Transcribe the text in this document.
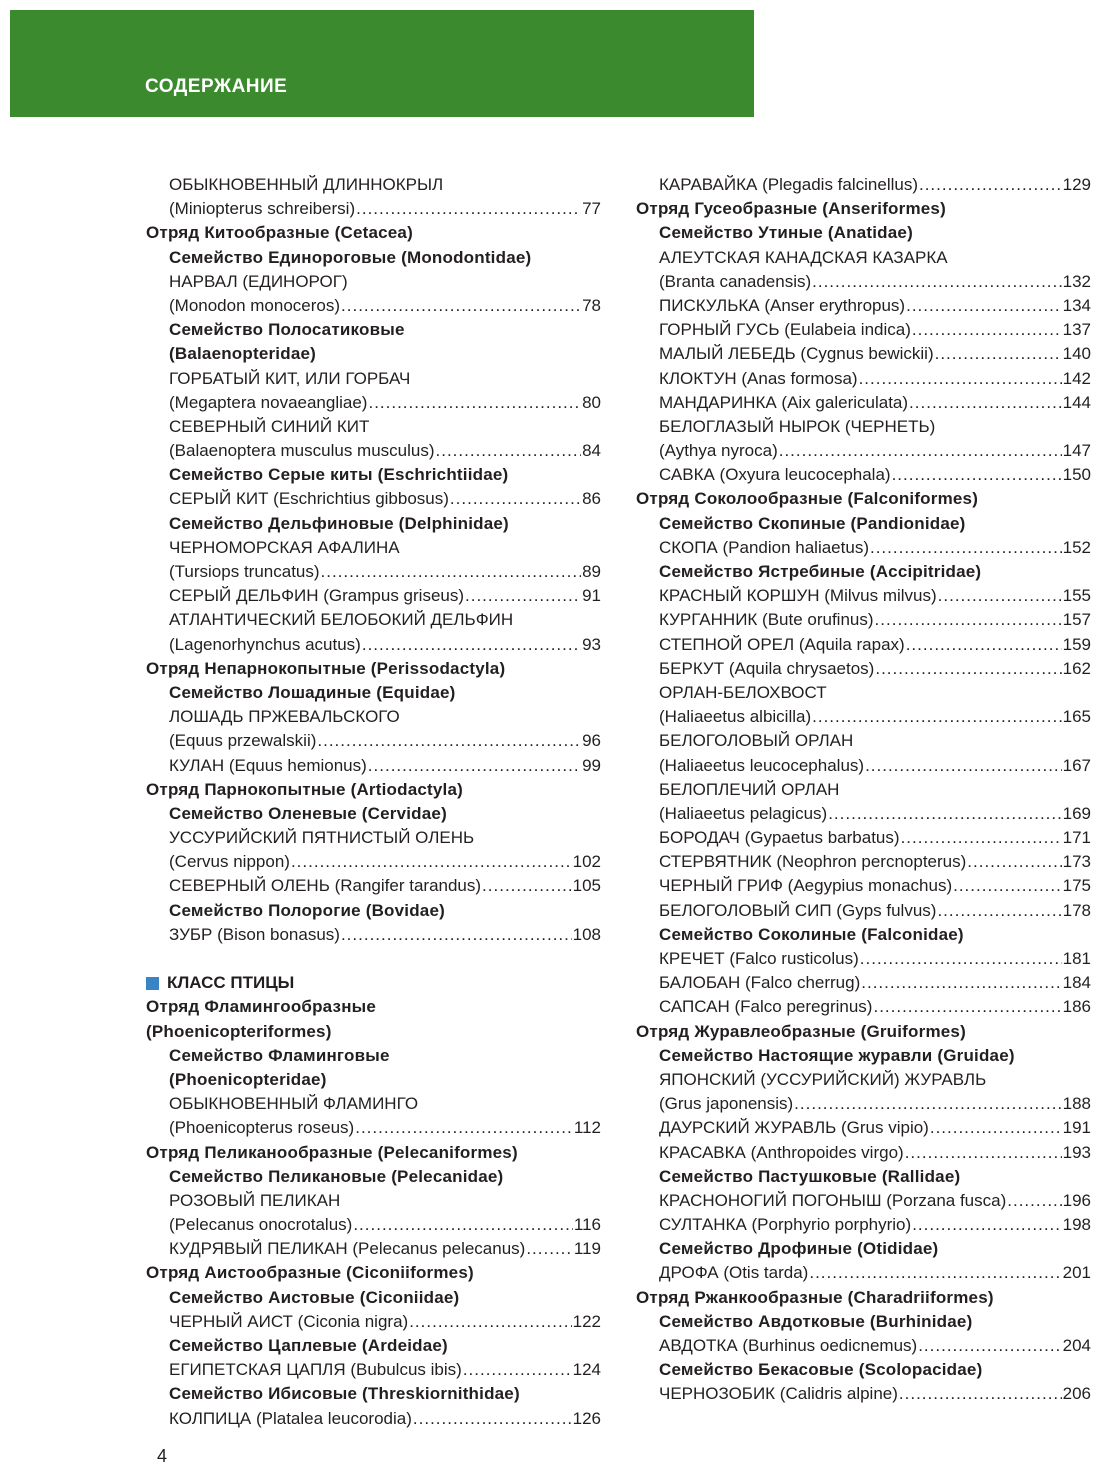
СОДЕРЖАНИЕ
ОБЫКНОВЕННЫЙ ДЛИННОКРЫЛ
(Miniopterus schreibersi) .....	77
Отряд Китообразные (Cetacea)
Семейство Единороговые (Monodontidae)
НАРВАЛ (ЕДИНОРОГ)
(Monodon monoceros) .....	78
Семейство Полосатиковые
(Balaenopteridae)
ГОРБАТЫЙ КИТ, ИЛИ ГОРБАЧ
(Megaptera novaeangliae) .....	80
СЕВЕРНЫЙ СИНИЙ КИТ
(Balaenoptera musculus musculus) .....	84
Семейство Серые киты (Eschrichtiidae)
СЕРЫЙ КИТ (Eschrichtius gibbosus) .....	86
Семейство Дельфиновые (Delphinidae)
ЧЕРНОМОРСКАЯ АФАЛИНА
(Tursiops truncatus) .....	89
СЕРЫЙ ДЕЛЬФИН (Grampus griseus) .....	91
АТЛАНТИЧЕСКИЙ БЕЛОБОКИЙ ДЕЛЬФИН
(Lagenorhynchus acutus) .....	93
Отряд Непарнокопытные (Perissodactyla)
Семейство Лошадиные (Equidae)
ЛОШАДЬ ПРЖЕВАЛЬСКОГО
(Equus przewalskii) .....	96
КУЛАН (Equus hemionus) .....	99
Отряд Парнокопытные (Artiodactyla)
Семейство Оленевые (Cervidae)
УССУРИЙСКИЙ ПЯТНИСТЫЙ ОЛЕНЬ
(Cervus nippon) .....	102
СЕВЕРНЫЙ ОЛЕНЬ (Rangifer tarandus) .....	105
Семейство Полорогие (Bovidae)
ЗУБР (Bison bonasus) .....	108
КЛАСС ПТИЦЫ
Отряд Фламингообразные
(Phoenicopteriformes)
Семейство Фламинговые
(Phoenicopteridae)
ОБЫКНОВЕННЫЙ ФЛАМИНГО
(Phoenicopterus roseus) .....	112
Отряд Пеликанообразные (Pelecaniformes)
Семейство Пеликановые (Pelecanidae)
РОЗОВЫЙ ПЕЛИКАН
(Pelecanus onocrotalus) .....	116
КУДРЯВЫЙ ПЕЛИКАН (Pelecanus pelecanus) .....	119
Отряд Аистообразные (Ciconiiformes)
Семейство Аистовые (Ciconiidae)
ЧЕРНЫЙ АИСТ (Ciconia nigra) .....	122
Семейство Цаплевые (Ardeidae)
ЕГИПЕТСКАЯ ЦАПЛЯ (Bubulcus ibis) .....	124
Семейство Ибисовые (Threskiornithidae)
КОЛПИЦА (Platalea leucorodia) .....	126
КАРАВАЙКА (Plegadis falcinellus) .....	129
Отряд Гусеобразные (Anseriformes)
Семейство Утиные (Anatidae)
АЛЕУТСКАЯ КАНАДСКАЯ КАЗАРКА
(Branta canadensis) .....	132
ПИСКУЛЬКА (Anser erythropus) .....	134
ГОРНЫЙ ГУСЬ (Eulabeia indica) .....	137
МАЛЫЙ ЛЕБЕДЬ (Cygnus bewickii) .....	140
КЛОКТУН (Anas formosa) .....	142
МАНДАРИНКА (Aix galericulata) .....	144
БЕЛОГЛАЗЫЙ НЫРОК (ЧЕРНЕТЬ)
(Aythya nyroca) .....	147
САВКА (Oxyura leucocephala) .....	150
Отряд Соколообразные (Falconiformes)
Семейство Скопиные (Pandionidae)
СКОПА (Pandion haliaetus) .....	152
Семейство Ястребиные (Accipitridae)
КРАСНЫЙ КОРШУН (Milvus milvus) .....	155
КУРГАННИК (Bute orufinus) .....	157
СТЕПНОЙ ОРЕЛ (Aquila rapax) .....	159
БЕРКУТ (Aquila chrysaetos) .....	162
ОРЛАН-БЕЛОХВОСТ
(Haliaeetus albicilla) .....	165
БЕЛОГОЛОВЫЙ ОРЛАН
(Haliaeetus leucocephalus) .....	167
БЕЛОПЛЕЧИЙ ОРЛАН
(Haliaeetus pelagicus) .....	169
БОРОДАЧ (Gypaetus barbatus) .....	171
СТЕРВЯТНИК (Neophron percnopterus) .....	173
ЧЕРНЫЙ ГРИФ (Aegypius monachus) .....	175
БЕЛОГОЛОВЫЙ СИП (Gyps fulvus) .....	178
Семейство Соколиные (Falconidae)
КРЕЧЕТ (Falco rusticolus) .....	181
БАЛОБАН (Falco cherrug) .....	184
САПСАН (Falco peregrinus) .....	186
Отряд Журавлеобразные (Gruiformes)
Семейство Настоящие журавли (Gruidae)
ЯПОНСКИЙ (УССУРИЙСКИЙ) ЖУРАВЛЬ
(Grus japonensis) .....	188
ДАУРСКИЙ ЖУРАВЛЬ (Grus vipio) .....	191
КРАСАВКА (Anthropoides virgo) .....	193
Семейство Пастушковые (Rallidae)
КРАСНОНОГИЙ ПОГОНЫШ (Porzana fusca) .....	196
СУЛТАНКА (Porphyrio porphyrio) .....	198
Семейство Дрофиные (Otididae)
ДРОФА (Otis tarda) .....	201
Отряд Ржанкообразные (Charadriiformes)
Семейство Авдотковые (Burhinidae)
АВДОТКА (Burhinus oedicnemus) .....	204
Семейство Бекасовые (Scolopacidae)
ЧЕРНОЗОБИК (Calidris alpine) .....	206
4
